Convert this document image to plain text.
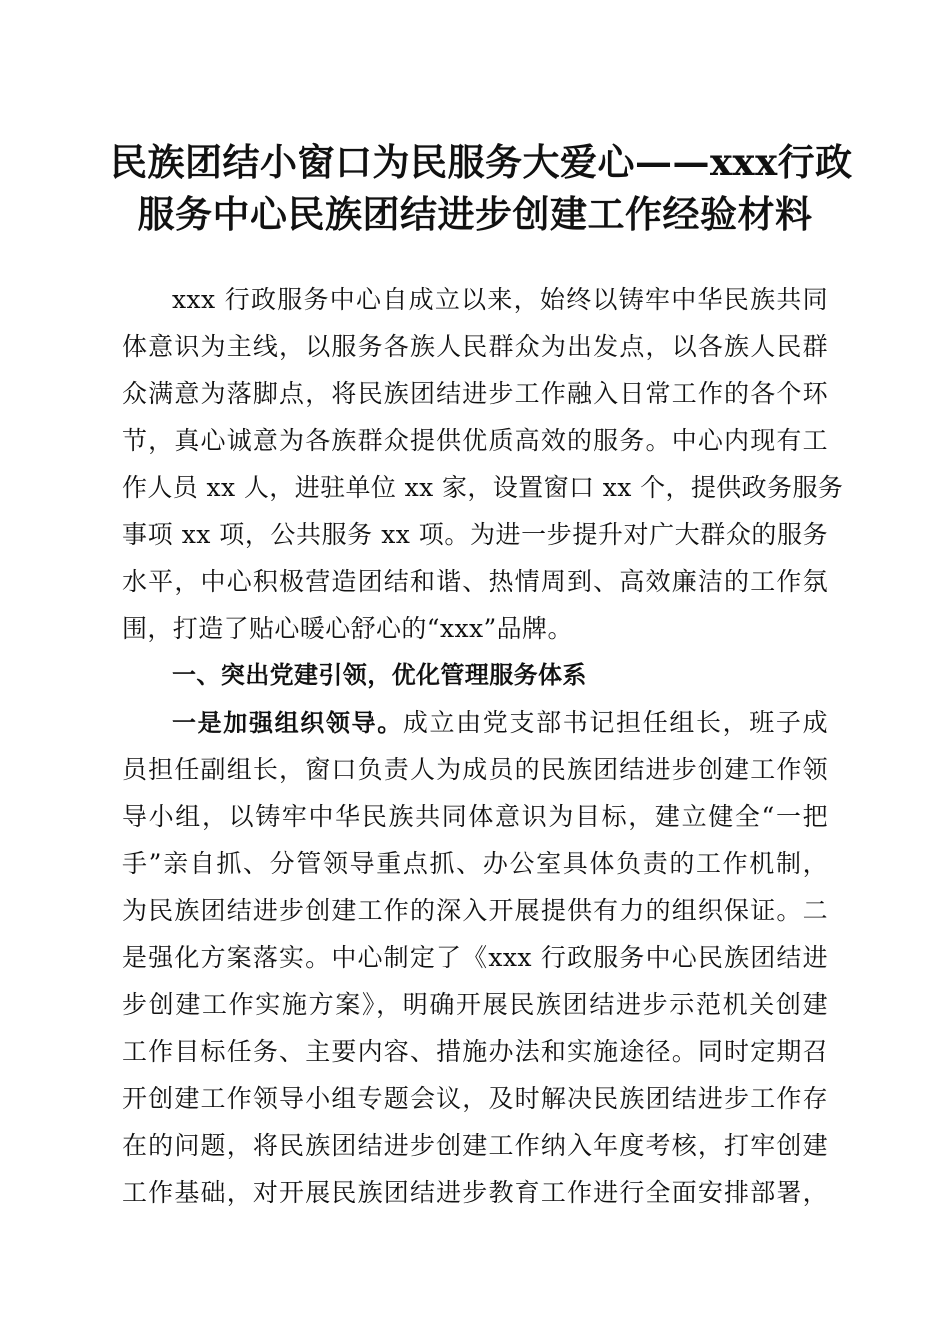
民族团结小窗口为民服务大爱心——xxx行政
服务中心民族团结进步创建工作经验材料
xxx 行政服务中心自成立以来，始终以铸牢中华民族共同
体意识为主线，以服务各族人民群众为出发点，以各族人民群
众满意为落脚点，将民族团结进步工作融入日常工作的各个环
节，真心诚意为各族群众提供优质高效的服务。中心内现有工
作人员 xx 人，进驻单位 xx 家，设置窗口 xx 个，提供政务服务
事项 xx 项，公共服务 xx 项。为进一步提升对广大群众的服务
水平，中心积极营造团结和谐、热情周到、高效廉洁的工作氛
围，打造了贴心暖心舒心的“xxx”品牌。
一、突出党建引领，优化管理服务体系
一是加强组织领导。成立由党支部书记担任组长，班子成
员担任副组长，窗口负责人为成员的民族团结进步创建工作领
导小组，以铸牢中华民族共同体意识为目标，建立健全“一把
手”亲自抓、分管领导重点抓、办公室具体负责的工作机制，
为民族团结进步创建工作的深入开展提供有力的组织保证。二
是强化方案落实。中心制定了《xxx 行政服务中心民族团结进
步创建工作实施方案》，明确开展民族团结进步示范机关创建
工作目标任务、主要内容、措施办法和实施途径。同时定期召
开创建工作领导小组专题会议，及时解决民族团结进步工作存
在的问题，将民族团结进步创建工作纳入年度考核，打牢创建
工作基础，对开展民族团结进步教育工作进行全面安排部署，
